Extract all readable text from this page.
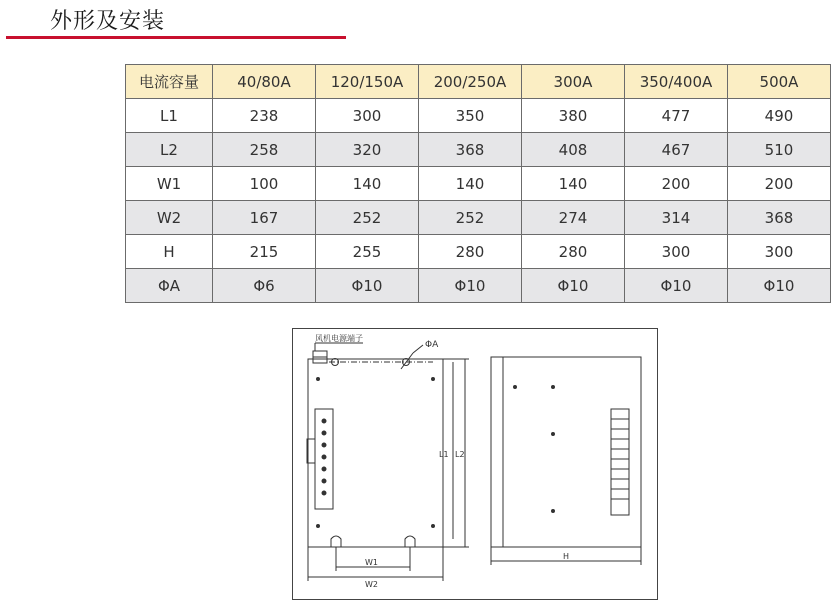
外形及安装
电流容量	40/80A	120/150A	200/250A	300A	350/400A	500A
L1	238	300	350	380	477	490
L2	258	320	368	408	467	510
W1	100	140	140	140	200	200
W2	167	252	252	274	314	368
H	215	255	280	280	300	300
ΦA	Φ6	Φ10	Φ10	Φ10	Φ10	Φ10
风机电源端子
ΦA
L1 L2
W1
W2
H
